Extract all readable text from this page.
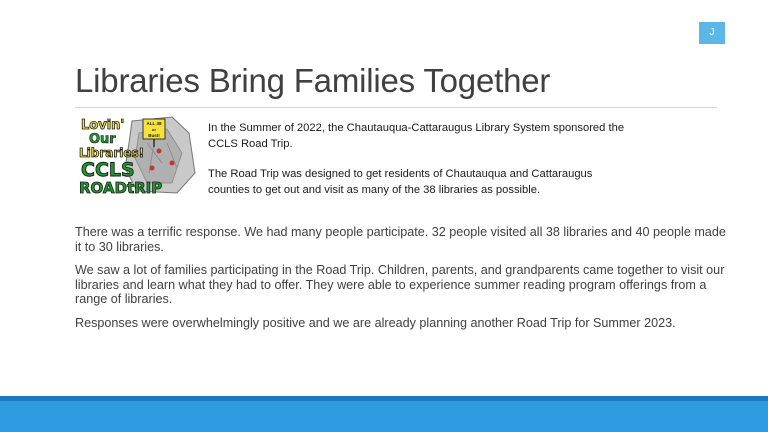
J
Libraries Bring Families Together
ALL 38
or
Bust!
Lovin'
Our
Libraries!
CCLS
ROADtRIP

In the Summer of 2022, the Chautauqua-Cattaraugus Library System sponsored the CCLS Road Trip.

The Road Trip was designed to get residents of Chautauqua and Cattaraugus counties to get out and visit as many of the 38 libraries as possible.

There was a terrific response. We had many people participate. 32 people visited all 38 libraries and 40 people made it to 30 libraries.

We saw a lot of families participating in the Road Trip. Children, parents, and grandparents came together to visit our libraries and learn what they had to offer. They were able to experience summer reading program offerings from a range of libraries.

Responses were overwhelmingly positive and we are already planning another Road Trip for Summer 2023.
